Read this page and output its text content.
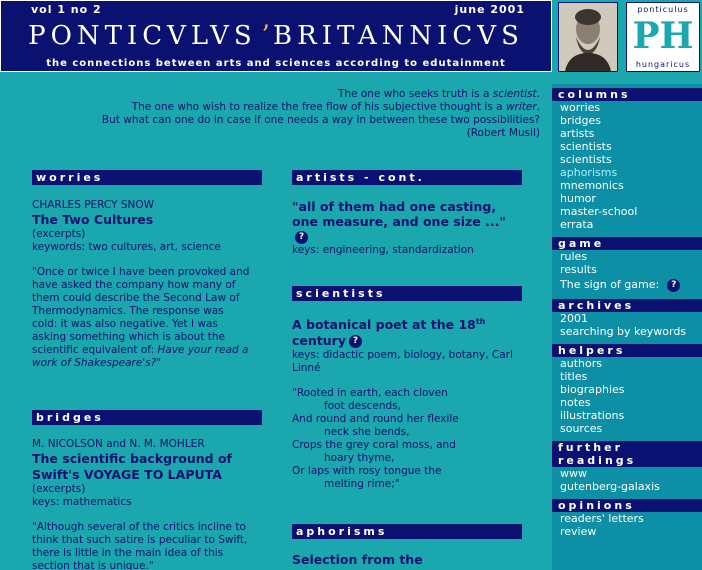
vol 1 no 2	june 2001
PONTICVLVS ʼ BRITANNICVS
the connections between arts and sciences according to edutainment
ponticulus
PH
hungaricus
The one who seeks truth is a scientist.
The one who wish to realize the free flow of his subjective thought is a writer.
But what can one do in case if one needs a way in between these two possibilities?
(Robert Musil)
worries
CHARLES PERCY SNOW
The Two Cultures
(excerpts)
keywords: two cultures, art, science
"Once or twice I have been provoked and have asked the company how many of them could describe the Second Law of Thermodynamics. The response was cold: it was also negative. Yet I was asking something which is about the scientific equivalent of: Have your read a work of Shakespeare's?"
bridges
M. NICOLSON and N. M. MOHLER
The scientific background of Swift's VOYAGE TO LAPUTA
(excerpts)
keys: mathematics
"Although several of the critics incline to think that such satire is peculiar to Swift, there is little in the main idea of this section that is unique."
artists - cont.
"all of them had one casting, one measure, and one size ..."?
keys: engineering, standardization
scientists
A botanical poet at the 18th century ?
keys: didactic poem, biology, botany, Carl Linné
"Rooted in earth, each cloven
foot descends,
And round and round her flexile
neck she bends,
Crops the grey coral moss, and
hoary thyme,
Or laps with rosy tongue the
melting rime;"
aphorisms
Selection from the
columns
worries
bridges
artists
scientists
scientists
aphorisms
mnemonics
humor
master-school
errata
game
rules
results
The sign of game: ?
archives
2001
searching by keywords
helpers
authors
titles
biographies
notes
illustrations
sources
further
readings
www
gutenberg-galaxis
opinions
readers' letters
review
